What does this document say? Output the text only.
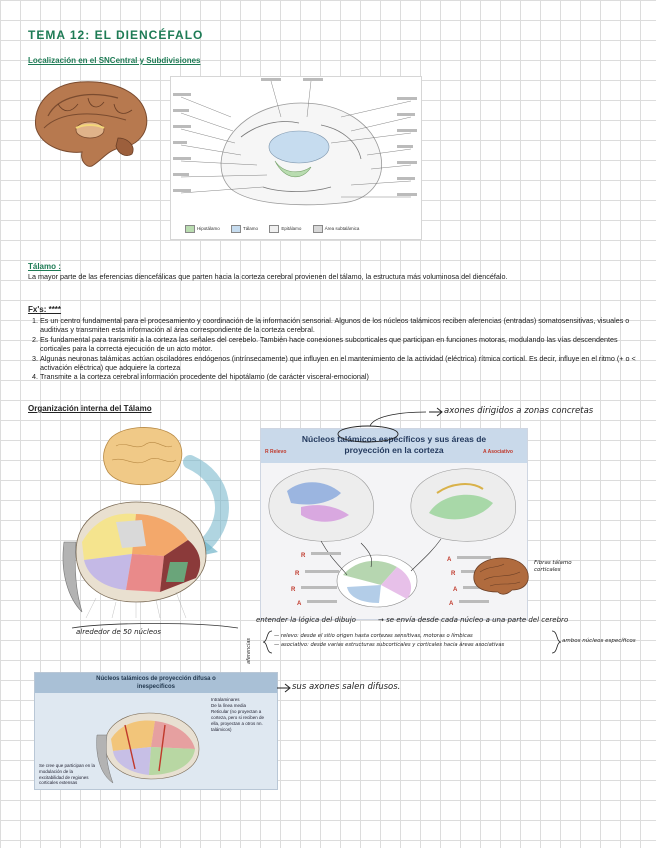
TEMA 12: EL DIENCÉFALO
Localización en el SNCentral y Subdivisiones
Hipotálamo	Tálamo	Epitálamo	Área subtalámica
Tálamo :
La mayor parte de las eferencias diencefálicas que parten hacia la corteza cerebral provienen del tálamo, la estructura más voluminosa del diencéfalo.
Fx's: ****
1. Es un centro fundamental para el procesamiento y coordinación de la información sensorial. Algunos de los núcleos talámicos reciben aferencias (entradas) somatosensitivas, visuales o auditivas y transmiten esta información al área correspondiente de la corteza cerebral.
2. Es fundamental para transmitir a la corteza las señales del cerebelo. También hace conexiones subcorticales que participan en funciones motoras, modulando las vías descendentes corticales para la correcta ejecución de un acto motor.
3. Algunas neuronas talámicas actúan osciladores endógenos (intrínsecamente) que influyen en el mantenimiento de la actividad (eléctrica) rítmica cortical. Es decir, influye en el ritmo (+ o < activación eléctrica) que adquiere la corteza
4. Transmite a la corteza cerebral información procedente del hipotálamo (de carácter visceral-emocional)
Organización interna del Tálamo
alrededor de 50 núcleos
Núcleos talámicos específicos y sus áreas de
proyección en la corteza
R Relevo	A Asociativo
R
R
R
A
A
R
A
A
Fibras tálamo corticales
axones dirigidos a zonas concretas
entender la lógica del dibujo	→ se envía desde cada núcleo a una parte del cerebro
aferencias
— relevo: desde el sitio origen hasta cortezas sensitivas, motoras o límbicas
— asociativo: desde varias estructuras subcorticales y corticales hacia áreas asociativas
ambos núcleos específicos
Núcleos talámicos de proyección difusa o
inespecíficos
Intralaminares
De la línea media
Reticular (no proyectan a corteza, pero si reciben de ella, proyectan a otros nn. talámicos)
Se cree que participan en la modulación de la excitabilidad de regiones corticales extensas
sus axones salen difusos.
